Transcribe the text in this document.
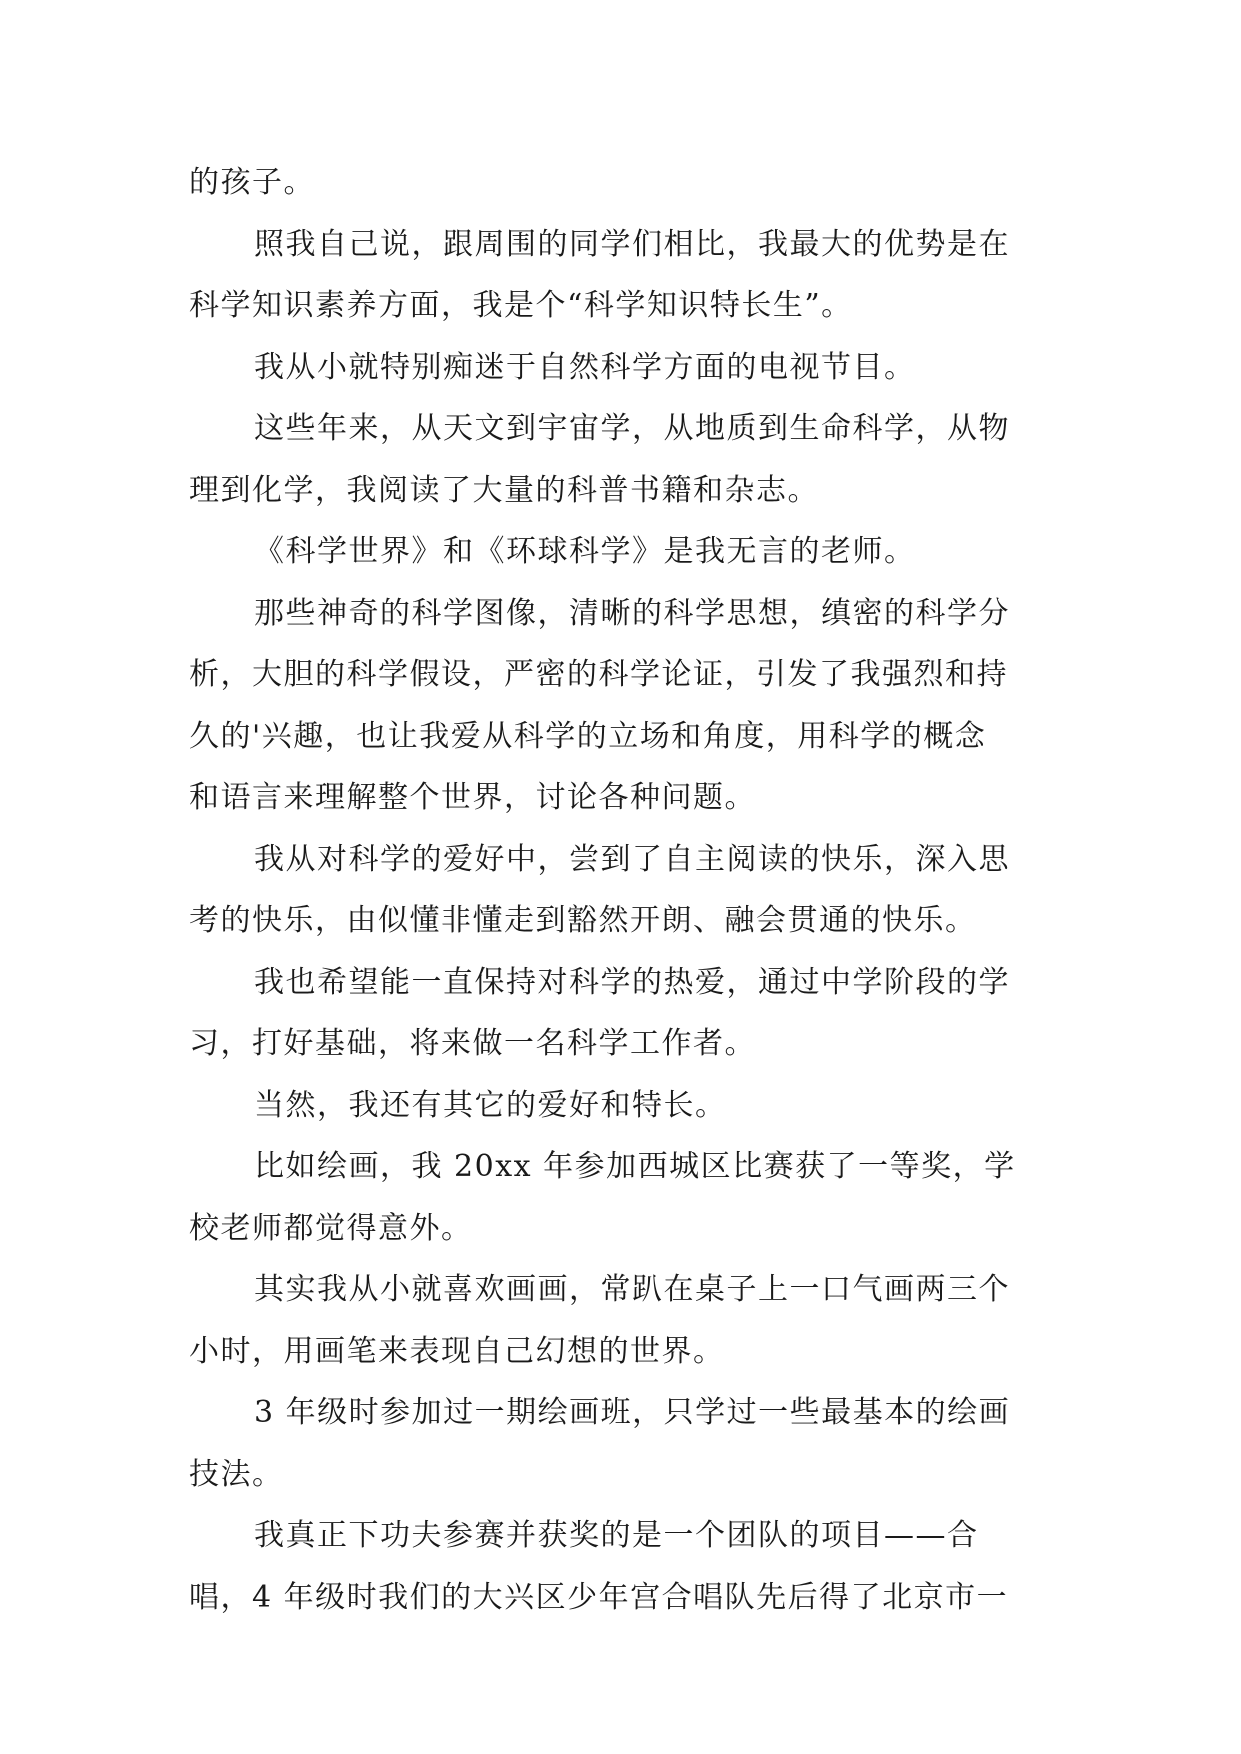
的孩子。
照我自己说，跟周围的同学们相比，我最大的优势是在
科学知识素养方面，我是个“科学知识特长生”。
我从小就特别痴迷于自然科学方面的电视节目。
这些年来，从天文到宇宙学，从地质到生命科学，从物
理到化学，我阅读了大量的科普书籍和杂志。
《科学世界》和《环球科学》是我无言的老师。
那些神奇的科学图像，清晰的科学思想，缜密的科学分
析，大胆的科学假设，严密的科学论证，引发了我强烈和持
久的'兴趣，也让我爱从科学的立场和角度，用科学的概念
和语言来理解整个世界，讨论各种问题。
我从对科学的爱好中，尝到了自主阅读的快乐，深入思
考的快乐，由似懂非懂走到豁然开朗、融会贯通的快乐。
我也希望能一直保持对科学的热爱，通过中学阶段的学
习，打好基础，将来做一名科学工作者。
当然，我还有其它的爱好和特长。
比如绘画，我 20xx 年参加西城区比赛获了一等奖，学
校老师都觉得意外。
其实我从小就喜欢画画，常趴在桌子上一口气画两三个
小时，用画笔来表现自己幻想的世界。
3 年级时参加过一期绘画班，只学过一些最基本的绘画
技法。
我真正下功夫参赛并获奖的是一个团队的项目——合
唱，4 年级时我们的大兴区少年宫合唱队先后得了北京市一
